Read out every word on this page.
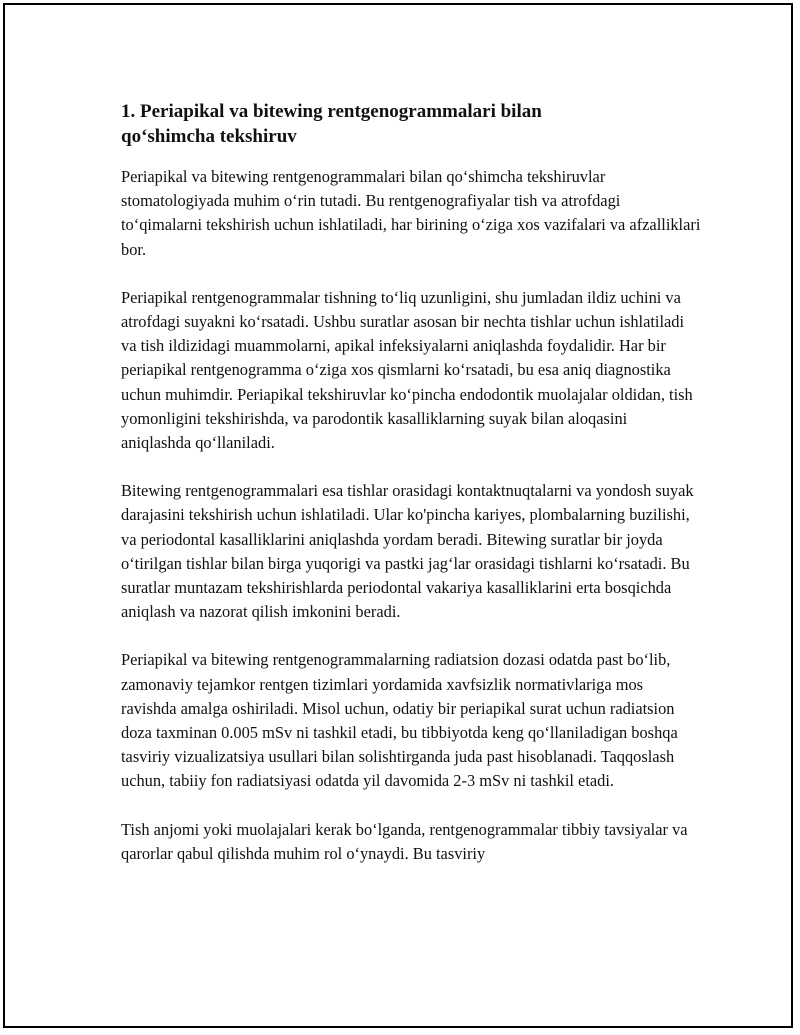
1. Periapikal va bitewing rentgenogrammalari bilan qoʻshimcha tekshiruv

Periapikal va bitewing rentgenogrammalari bilan qoʻshimcha tekshiruvlar stomatologiyada muhim oʻrin tutadi. Bu rentgenografiyalar tish va atrofdagi toʻqimalarni tekshirish uchun ishlatiladi, har birining oʻziga xos vazifalari va afzalliklari bor.

Periapikal rentgenogrammalar tishning toʻliq uzunligini, shu jumladan ildiz uchini va atrofdagi suyakni koʻrsatadi. Ushbu suratlar asosan bir nechta tishlar uchun ishlatiladi va tish ildizidagi muammolarni, apikal infeksiyalarni aniqlashda foydalidir. Har bir periapikal rentgenogramma oʻziga xos qismlarni koʻrsatadi, bu esa aniq diagnostika uchun muhimdir. Periapikal tekshiruvlar koʻpincha endodontik muolajalar oldidan, tish yomonligini tekshirishda, va parodontik kasalliklarning suyak bilan aloqasini aniqlashda qoʻllaniladi.

Bitewing rentgenogrammalari esa tishlar orasidagi kontaktnuqtalarni va yondosh suyak darajasini tekshirish uchun ishlatiladi. Ular ko'pincha kariyes, plombalarning buzilishi, va periodontal kasalliklarini aniqlashda yordam beradi. Bitewing suratlar bir joyda oʻtirilgan tishlar bilan birga yuqorigi va pastki jagʻlar orasidagi tishlarni koʻrsatadi. Bu suratlar muntazam tekshirishlarda periodontal vakariya kasalliklarini erta bosqichda aniqlash va nazorat qilish imkonini beradi.

Periapikal va bitewing rentgenogrammalarning radiatsion dozasi odatda past boʻlib, zamonaviy tejamkor rentgen tizimlari yordamida xavfsizlik normativlariga mos ravishda amalga oshiriladi. Misol uchun, odatiy bir periapikal surat uchun radiatsion doza taxminan 0.005 mSv ni tashkil etadi, bu tibbiyotda keng qoʻllaniladigan boshqa tasviriy vizualizatsiya usullari bilan solishtirganda juda past hisoblanadi. Taqqoslash uchun, tabiiy fon radiatsiyasi odatda yil davomida 2-3 mSv ni tashkil etadi.

Tish anjomi yoki muolajalari kerak boʻlganda, rentgenogrammalar tibbiy tavsiyalar va qarorlar qabul qilishda muhim rol oʻynaydi. Bu tasviriy
